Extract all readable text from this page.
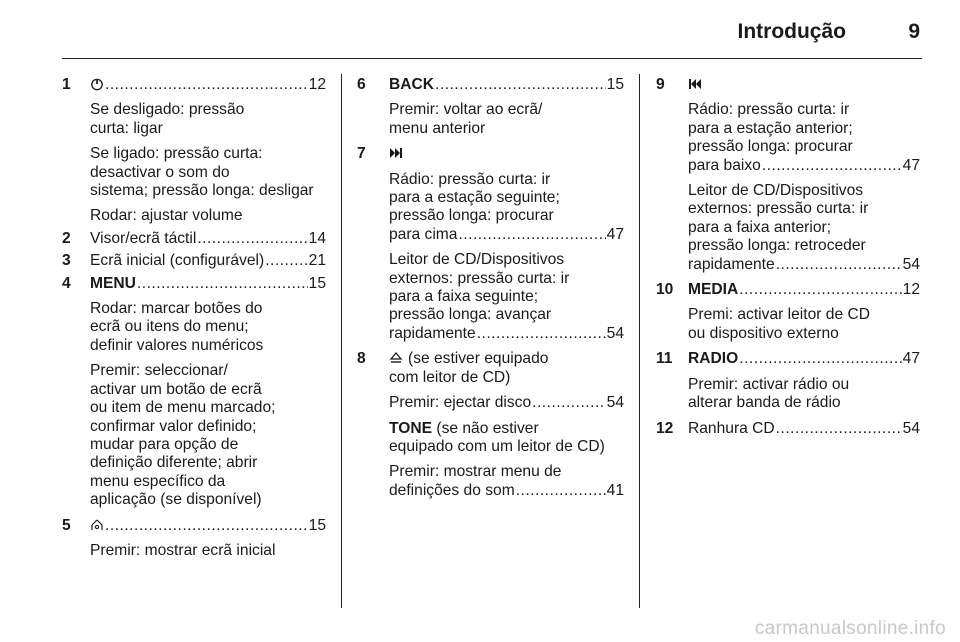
Introdução	9
1 .....	12
Se desligado: pressão
curta: ligar
Se ligado: pressão curta:
desactivar o som do
sistema; pressão longa: desligar
Rodar: ajustar volume
2	Visor/ecrã táctil .....	14
3	Ecrã inicial (configurável) .....	21
4	MENU .....	15
Rodar: marcar botões do
ecrã ou itens do menu;
definir valores numéricos
Premir: seleccionar/
activar um botão de ecrã
ou item de menu marcado;
confirmar valor definido;
mudar para opção de
definição diferente; abrir
menu específico da
aplicação (se disponível)
5 .....	15
Premir: mostrar ecrã inicial
6	BACK .....	15
Premir: voltar ao ecrã/
menu anterior
7
Rádio: pressão curta: ir
para a estação seguinte;
pressão longa: procurar
para cima .....	47
Leitor de CD/Dispositivos
externos: pressão curta: ir
para a faixa seguinte;
pressão longa: avançar
rapidamente .....	54
8	(se estiver equipado
com leitor de CD)
Premir: ejectar disco .....	54
TONE (se não estiver
equipado com um leitor de CD)
Premir: mostrar menu de
definições do som .....	41
9
Rádio: pressão curta: ir
para a estação anterior;
pressão longa: procurar
para baixo .....	47
Leitor de CD/Dispositivos
externos: pressão curta: ir
para a faixa anterior;
pressão longa: retroceder
rapidamente .....	54
10 MEDIA .....	12
Premi: activar leitor de CD
ou dispositivo externo
11 RADIO .....	47
Premir: activar rádio ou
alterar banda de rádio
12 Ranhura CD .....	54
carmanualsonline.info
